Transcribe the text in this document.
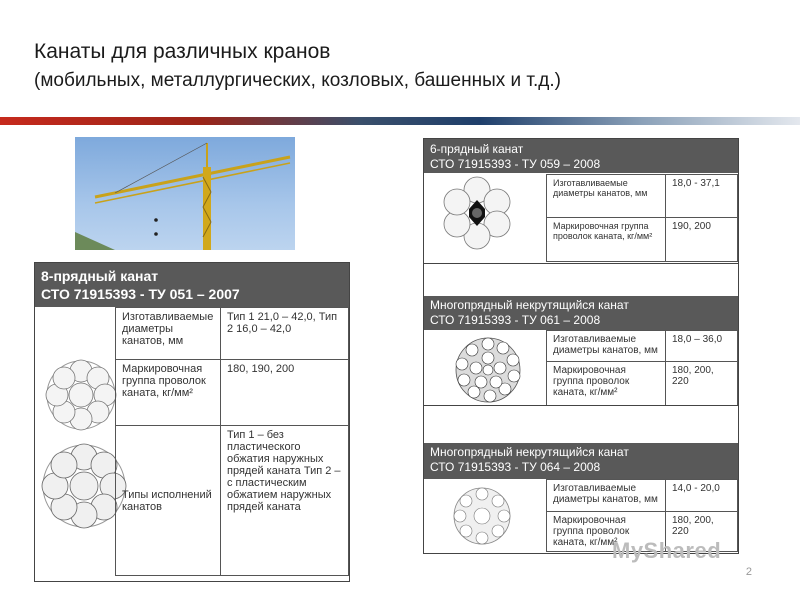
Канаты для различных кранов
(мобильных, металлургических, козловых, башенных и т.д.)
8-прядный канат
СТО 71915393 - ТУ 051 – 2007
Изготавливаемые диаметры канатов, мм	Тип 1 21,0 – 42,0, Тип 2 16,0 – 42,0
Маркировочная группа проволок каната, кг/мм²	180, 190, 200
Типы исполнений канатов	Тип 1 – без пластического обжатия наружных прядей каната Тип 2 – с пластическим обжатием наружных прядей каната
6-прядный канат
СТО 71915393 - ТУ 059 – 2008
Изготавливаемые диаметры канатов, мм	18,0 - 37,1
Маркировочная группа проволок каната, кг/мм²	190, 200
Многопрядный некрутящийся канат
СТО 71915393 - ТУ 061 – 2008
Изготавливаемые диаметры канатов, мм	18,0 – 36,0
Маркировочная группа проволок каната, кг/мм²	180, 200, 220
Многопрядный некрутящийся канат
СТО 71915393 - ТУ 064 – 2008
Изготавливаемые диаметры канатов, мм	14,0 - 20,0
Маркировочная группа проволок каната, кг/мм²	180, 200, 220
MyShared
2
